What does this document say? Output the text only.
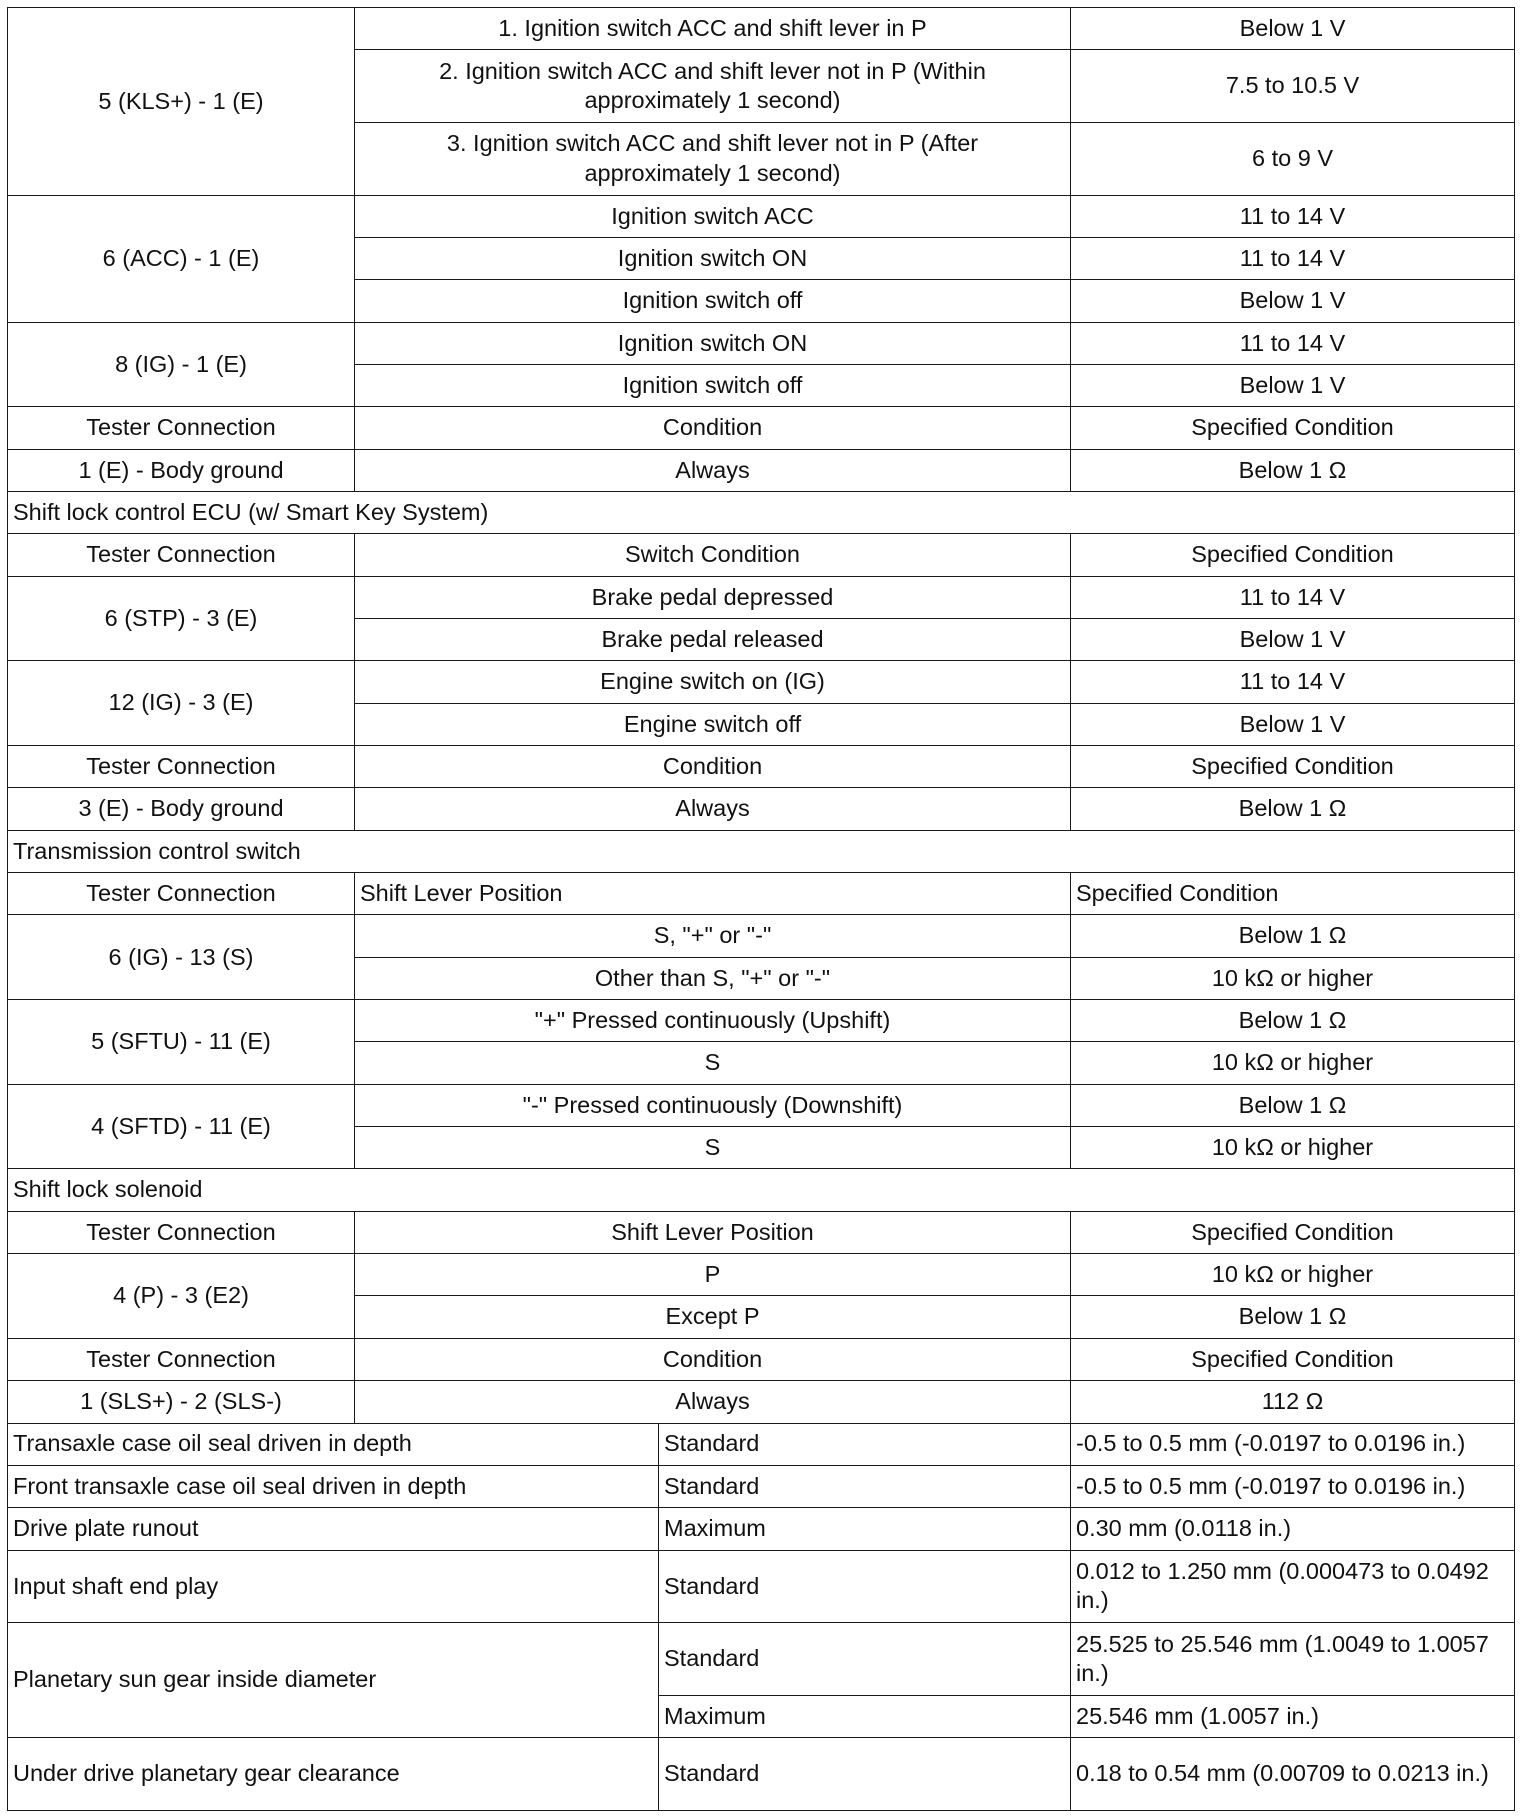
5 (KLS+) - 1 (E)	1. Ignition switch ACC and shift lever in P		Below 1 V
	2. Ignition switch ACC and shift lever not in P (Within approximately 1 second)		7.5 to 10.5 V
	3. Ignition switch ACC and shift lever not in P (After approximately 1 second)		6 to 9 V
6 (ACC) - 1 (E)	Ignition switch ACC		11 to 14 V
	Ignition switch ON		11 to 14 V
	Ignition switch off		Below 1 V
8 (IG) - 1 (E)	Ignition switch ON		11 to 14 V
	Ignition switch off		Below 1 V
Tester Connection	Condition		Specified Condition
1 (E) - Body ground	Always		Below 1 Ω
Shift lock control ECU (w/ Smart Key System)			
Tester Connection	Switch Condition		Specified Condition
6 (STP) - 3 (E)	Brake pedal depressed		11 to 14 V
	Brake pedal released		Below 1 V
12 (IG) - 3 (E)	Engine switch on (IG)		11 to 14 V
	Engine switch off		Below 1 V
Tester Connection	Condition		Specified Condition
3 (E) - Body ground	Always		Below 1 Ω
Transmission control switch			
Tester Connection	Shift Lever Position		Specified Condition
6 (IG) - 13 (S)	S, "+" or "-"		Below 1 Ω
	Other than S, "+" or "-"		10 kΩ or higher
5 (SFTU) - 11 (E)	"+" Pressed continuously (Upshift)		Below 1 Ω
	S		10 kΩ or higher
4 (SFTD) - 11 (E)	"-" Pressed continuously (Downshift)		Below 1 Ω
	S		10 kΩ or higher
Shift lock solenoid			
Tester Connection	Shift Lever Position		Specified Condition
4 (P) - 3 (E2)	P		10 kΩ or higher
	Except P		Below 1 Ω
Tester Connection	Condition		Specified Condition
1 (SLS+) - 2 (SLS-)	Always		112 Ω
Transaxle case oil seal driven in depth		Standard	-0.5 to 0.5 mm (-0.0197 to 0.0196 in.)
Front transaxle case oil seal driven in depth		Standard	-0.5 to 0.5 mm (-0.0197 to 0.0196 in.)
Drive plate runout		Maximum	0.30 mm (0.0118 in.)
Input shaft end play		Standard	0.012 to 1.250 mm (0.000473 to 0.0492 in.)
Planetary sun gear inside diameter		Standard	25.525 to 25.546 mm (1.0049 to 1.0057 in.)
		Maximum	25.546 mm (1.0057 in.)
Under drive planetary gear clearance		Standard	0.18 to 0.54 mm (0.00709 to 0.0213 in.)
